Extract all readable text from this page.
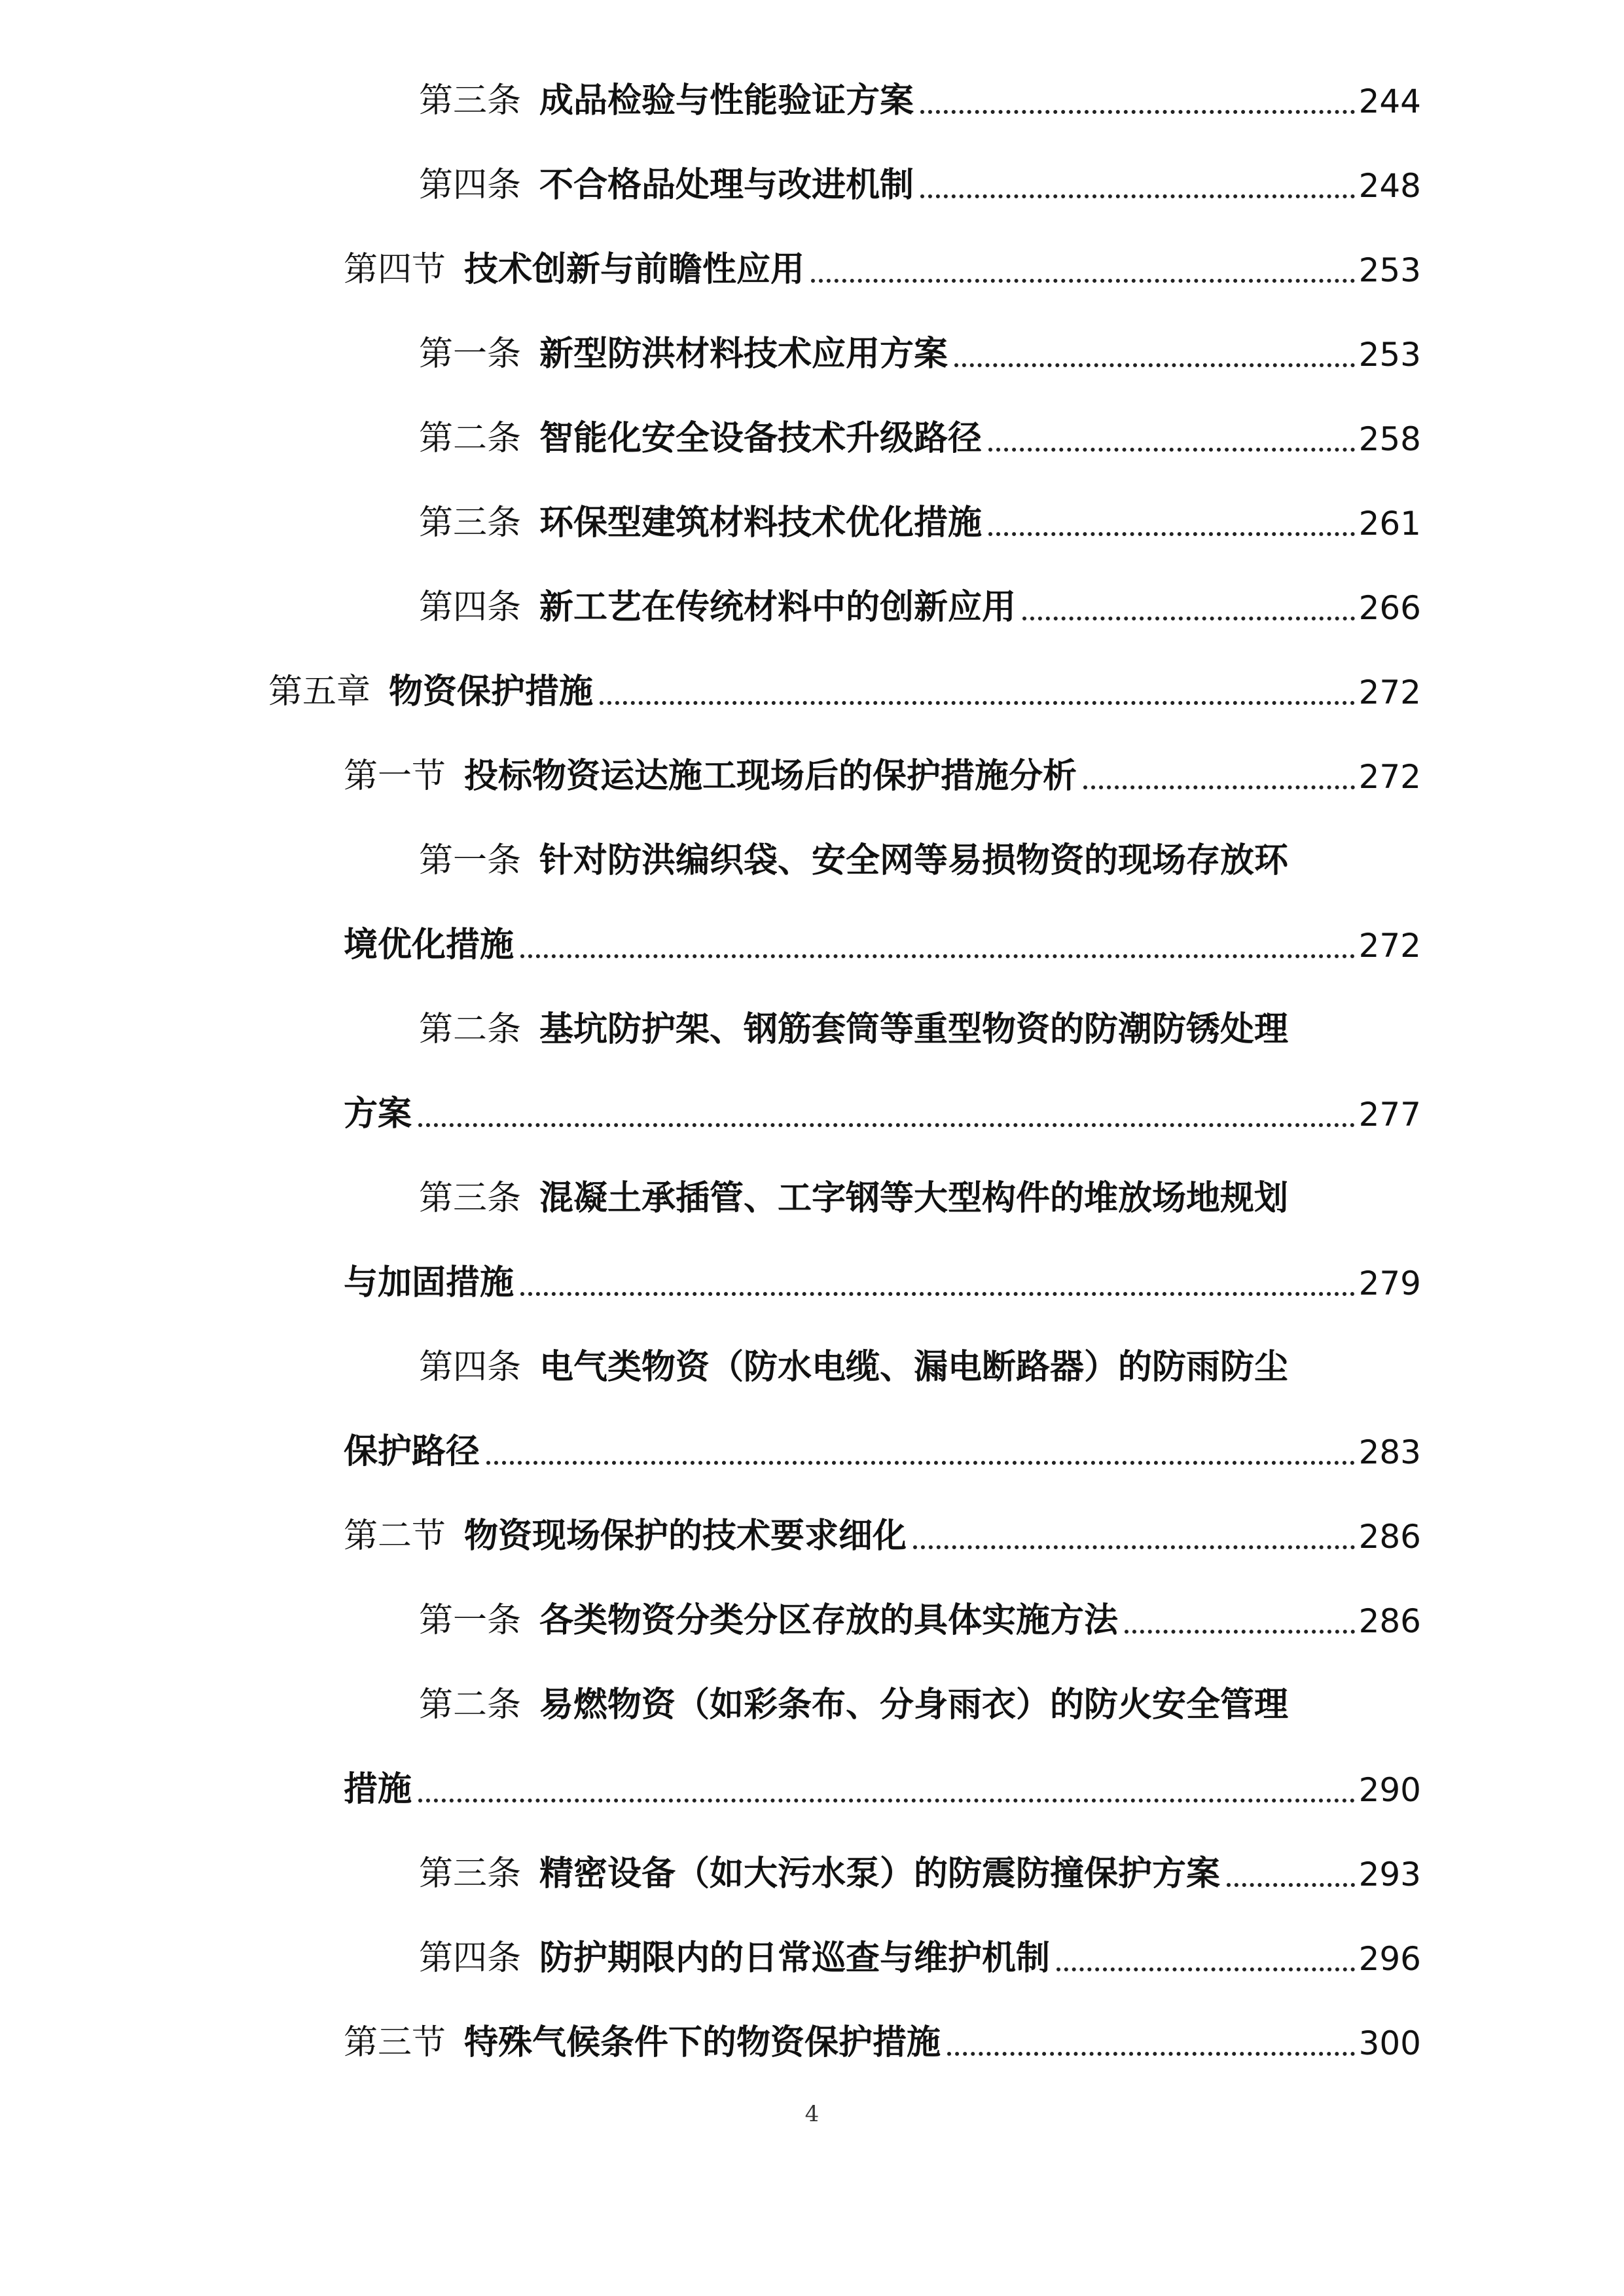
第三条 成品检验与性能验证方案	244
第四条 不合格品处理与改进机制	248
第四节 技术创新与前瞻性应用	253
第一条 新型防洪材料技术应用方案	253
第二条 智能化安全设备技术升级路径	258
第三条 环保型建筑材料技术优化措施	261
第四条 新工艺在传统材料中的创新应用	266
第五章 物资保护措施	272
第一节 投标物资运达施工现场后的保护措施分析	272
第一条 针对防洪编织袋、安全网等易损物资的现场存放环
境优化措施	272
第二条 基坑防护架、钢筋套筒等重型物资的防潮防锈处理
方案	277
第三条 混凝土承插管、工字钢等大型构件的堆放场地规划
与加固措施	279
第四条 电气类物资（防水电缆、漏电断路器）的防雨防尘
保护路径	283
第二节 物资现场保护的技术要求细化	286
第一条 各类物资分类分区存放的具体实施方法	286
第二条 易燃物资（如彩条布、分身雨衣）的防火安全管理
措施	290
第三条 精密设备（如大污水泵）的防震防撞保护方案	293
第四条 防护期限内的日常巡查与维护机制	296
第三节 特殊气候条件下的物资保护措施	300
4
